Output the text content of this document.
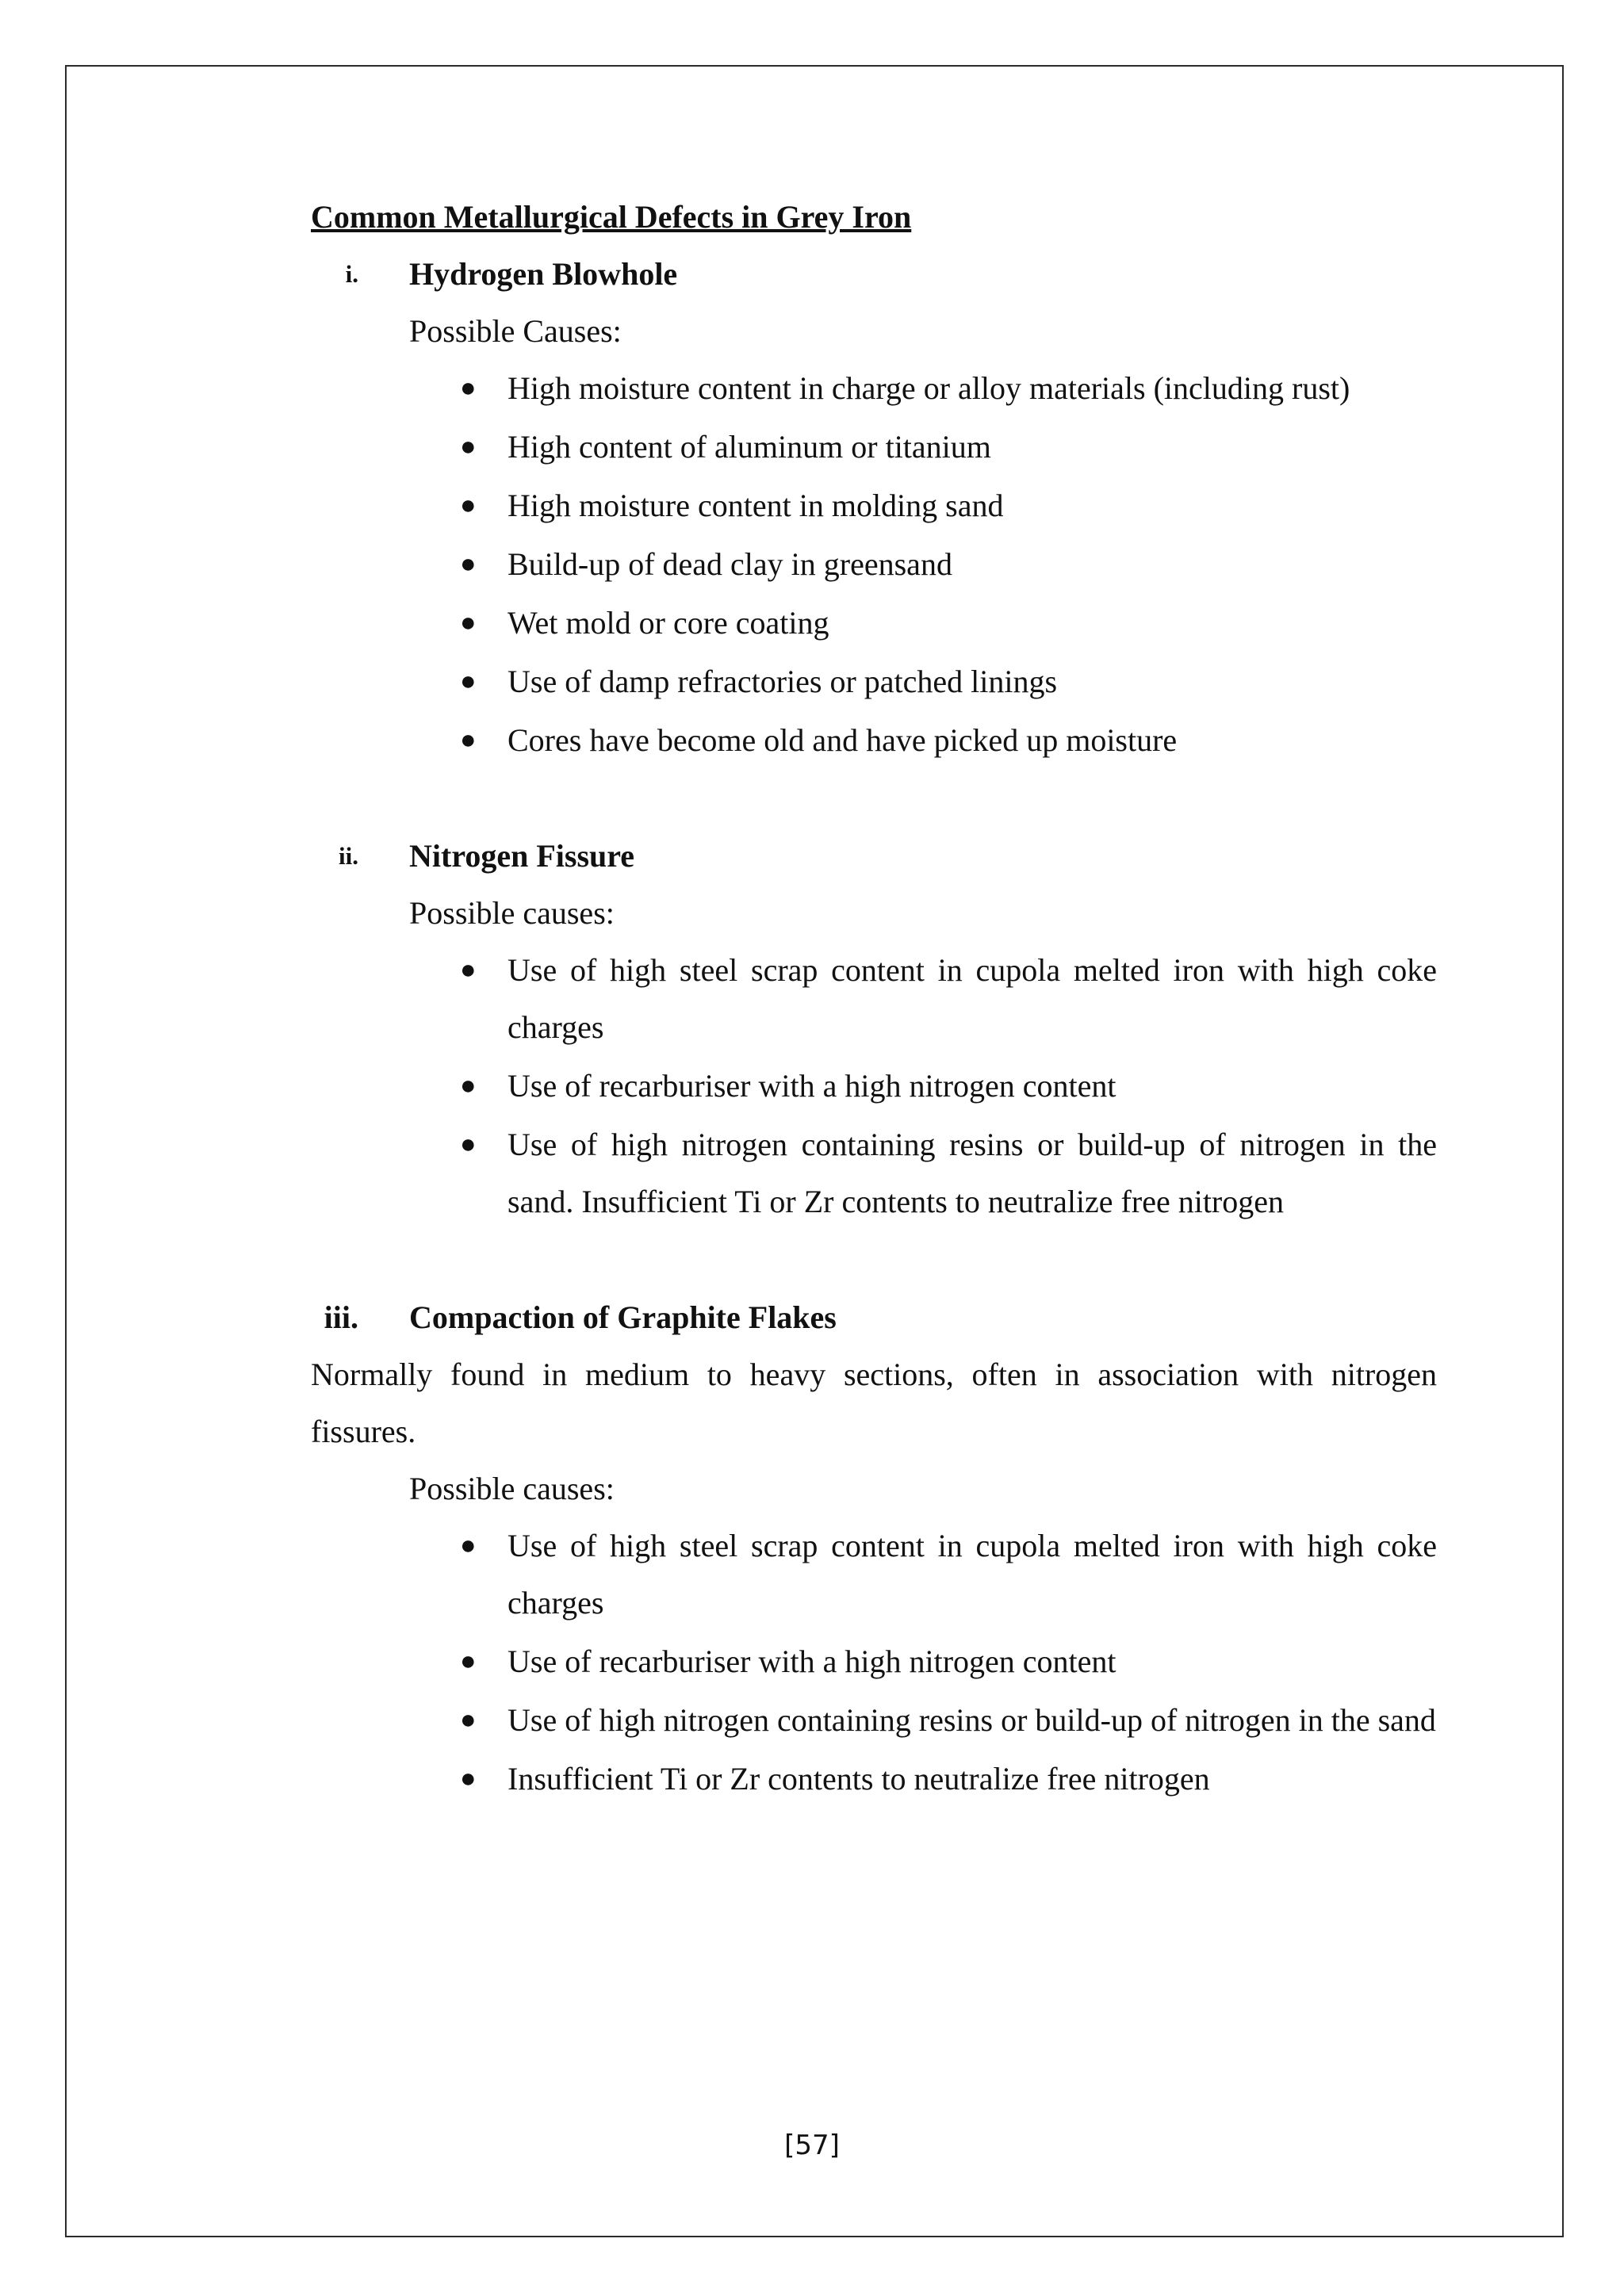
Common Metallurgical Defects in Grey Iron
i. Hydrogen Blowhole
Possible Causes:
● High moisture content in charge or alloy materials (including rust)
● High content of aluminum or titanium
● High moisture content in molding sand
● Build-up of dead clay in greensand
● Wet mold or core coating
● Use of damp refractories or patched linings
● Cores have become old and have picked up moisture
ii. Nitrogen Fissure
Possible causes:
● Use of high steel scrap content in cupola melted iron with high coke charges
● Use of recarburiser with a high nitrogen content
● Use of high nitrogen containing resins or build-up of nitrogen in the sand. Insufficient Ti or Zr contents to neutralize free nitrogen
iii. Compaction of Graphite Flakes
Normally found in medium to heavy sections, often in association with nitrogen fissures.
Possible causes:
● Use of high steel scrap content in cupola melted iron with high coke charges
● Use of recarburiser with a high nitrogen content
● Use of high nitrogen containing resins or build-up of nitrogen in the sand
● Insufficient Ti or Zr contents to neutralize free nitrogen
[57]
